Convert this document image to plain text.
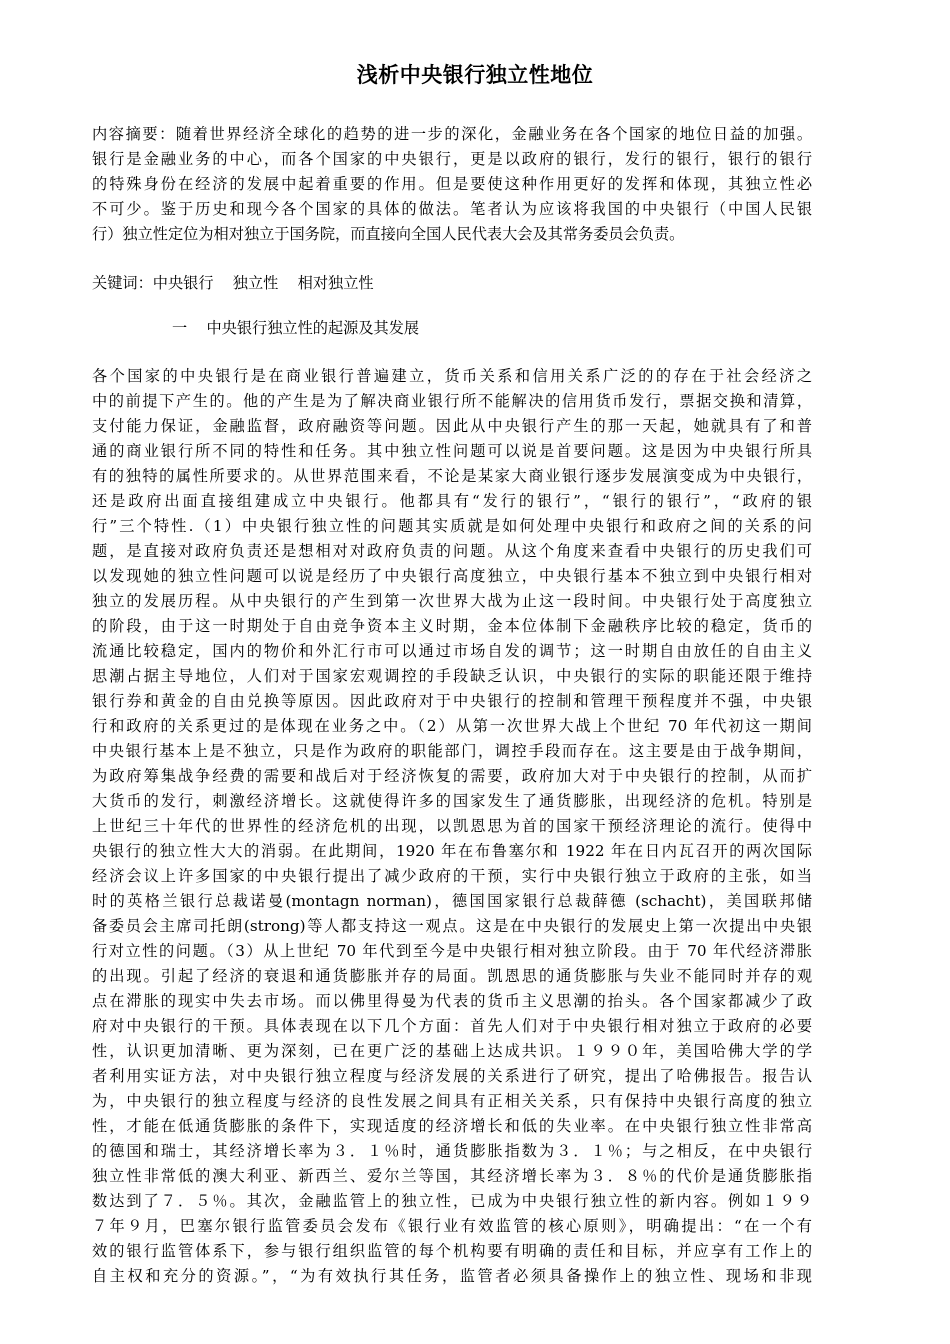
浅析中央银行独立性地位
内容摘要：随着世界经济全球化的趋势的进一步的深化，金融业务在各个国家的地位日益的加强。
银行是金融业务的中心，而各个国家的中央银行，更是以政府的银行，发行的银行，银行的银行
的特殊身份在经济的发展中起着重要的作用。但是要使这种作用更好的发挥和体现，其独立性必
不可少。鉴于历史和现今各个国家的具体的做法。笔者认为应该将我国的中央银行（中国人民银
行）独立性定位为相对独立于国务院，而直接向全国人民代表大会及其常务委员会负责。
关键词：中央银行    独立性    相对独立性
一    中央银行独立性的起源及其发展
各个国家的中央银行是在商业银行普遍建立，货币关系和信用关系广泛的的存在于社会经济之
中的前提下产生的。他的产生是为了解决商业银行所不能解决的信用货币发行，票据交换和清算，
支付能力保证，金融监督，政府融资等问题。因此从中央银行产生的那一天起，她就具有了和普
通的商业银行所不同的特性和任务。其中独立性问题可以说是首要问题。这是因为中央银行所具
有的独特的属性所要求的。从世界范围来看，不论是某家大商业银行逐步发展演变成为中央银行，
还是政府出面直接组建成立中央银行。他都具有“发行的银行”，“银行的银行”，“政府的银
行”三个特性.（1）中央银行独立性的问题其实质就是如何处理中央银行和政府之间的关系的问
题，是直接对政府负责还是想相对对政府负责的问题。从这个角度来查看中央银行的历史我们可
以发现她的独立性问题可以说是经历了中央银行高度独立，中央银行基本不独立到中央银行相对
独立的发展历程。从中央银行的产生到第一次世界大战为止这一段时间。中央银行处于高度独立
的阶段，由于这一时期处于自由竞争资本主义时期，金本位体制下金融秩序比较的稳定，货币的
流通比较稳定，国内的物价和外汇行市可以通过市场自发的调节；这一时期自由放任的自由主义
思潮占据主导地位，人们对于国家宏观调控的手段缺乏认识，中央银行的实际的职能还限于维持
银行券和黄金的自由兑换等原因。因此政府对于中央银行的控制和管理干预程度并不强，中央银
行和政府的关系更过的是体现在业务之中。（2）从第一次世界大战上个世纪 70 年代初这一期间
中央银行基本上是不独立，只是作为政府的职能部门，调控手段而存在。这主要是由于战争期间，
为政府筹集战争经费的需要和战后对于经济恢复的需要，政府加大对于中央银行的控制，从而扩
大货币的发行，刺激经济增长。这就使得许多的国家发生了通货膨胀，出现经济的危机。特别是
上世纪三十年代的世界性的经济危机的出现，以凯恩思为首的国家干预经济理论的流行。使得中
央银行的独立性大大的消弱。在此期间，1920 年在布鲁塞尔和 1922 年在日内瓦召开的两次国际
经济会议上许多国家的中央银行提出了减少政府的干预，实行中央银行独立于政府的主张，如当
时的英格兰银行总裁诺曼(montagn norman)，德国国家银行总裁薛德 (schacht)，美国联邦储
备委员会主席司托朗(strong)等人都支持这一观点。这是在中央银行的发展史上第一次提出中央银
行对立性的问题。（3）从上世纪 70 年代到至今是中央银行相对独立阶段。由于 70 年代经济滞胀
的出现。引起了经济的衰退和通货膨胀并存的局面。凯恩思的通货膨胀与失业不能同时并存的观
点在滞胀的现实中失去市场。而以佛里得曼为代表的货币主义思潮的抬头。各个国家都减少了政
府对中央银行的干预。具体表现在以下几个方面：首先人们对于中央银行相对独立于政府的必要
性，认识更加清晰、更为深刻，已在更广泛的基础上达成共识。１９９０年，美国哈佛大学的学
者利用实证方法，对中央银行独立程度与经济发展的关系进行了研究，提出了哈佛报告。报告认
为，中央银行的独立程度与经济的良性发展之间具有正相关关系，只有保持中央银行高度的独立
性，才能在低通货膨胀的条件下，实现适度的经济增长和低的失业率。在中央银行独立性非常高
的德国和瑞士，其经济增长率为３．１％时，通货膨胀指数为３．１％；与之相反，在中央银行
独立性非常低的澳大利亚、新西兰、爱尔兰等国，其经济增长率为３．８％的代价是通货膨胀指
数达到了７．５％。其次，金融监管上的独立性，已成为中央银行独立性的新内容。例如１９９
７年９月，巴塞尔银行监管委员会发布《银行业有效监管的核心原则》，明确提出：“在一个有
效的银行监管体系下，参与银行组织监管的每个机构要有明确的责任和目标，并应享有工作上的
自主权和充分的资源。”，“为有效执行其任务，监管者必须具备操作上的独立性、现场和非现
